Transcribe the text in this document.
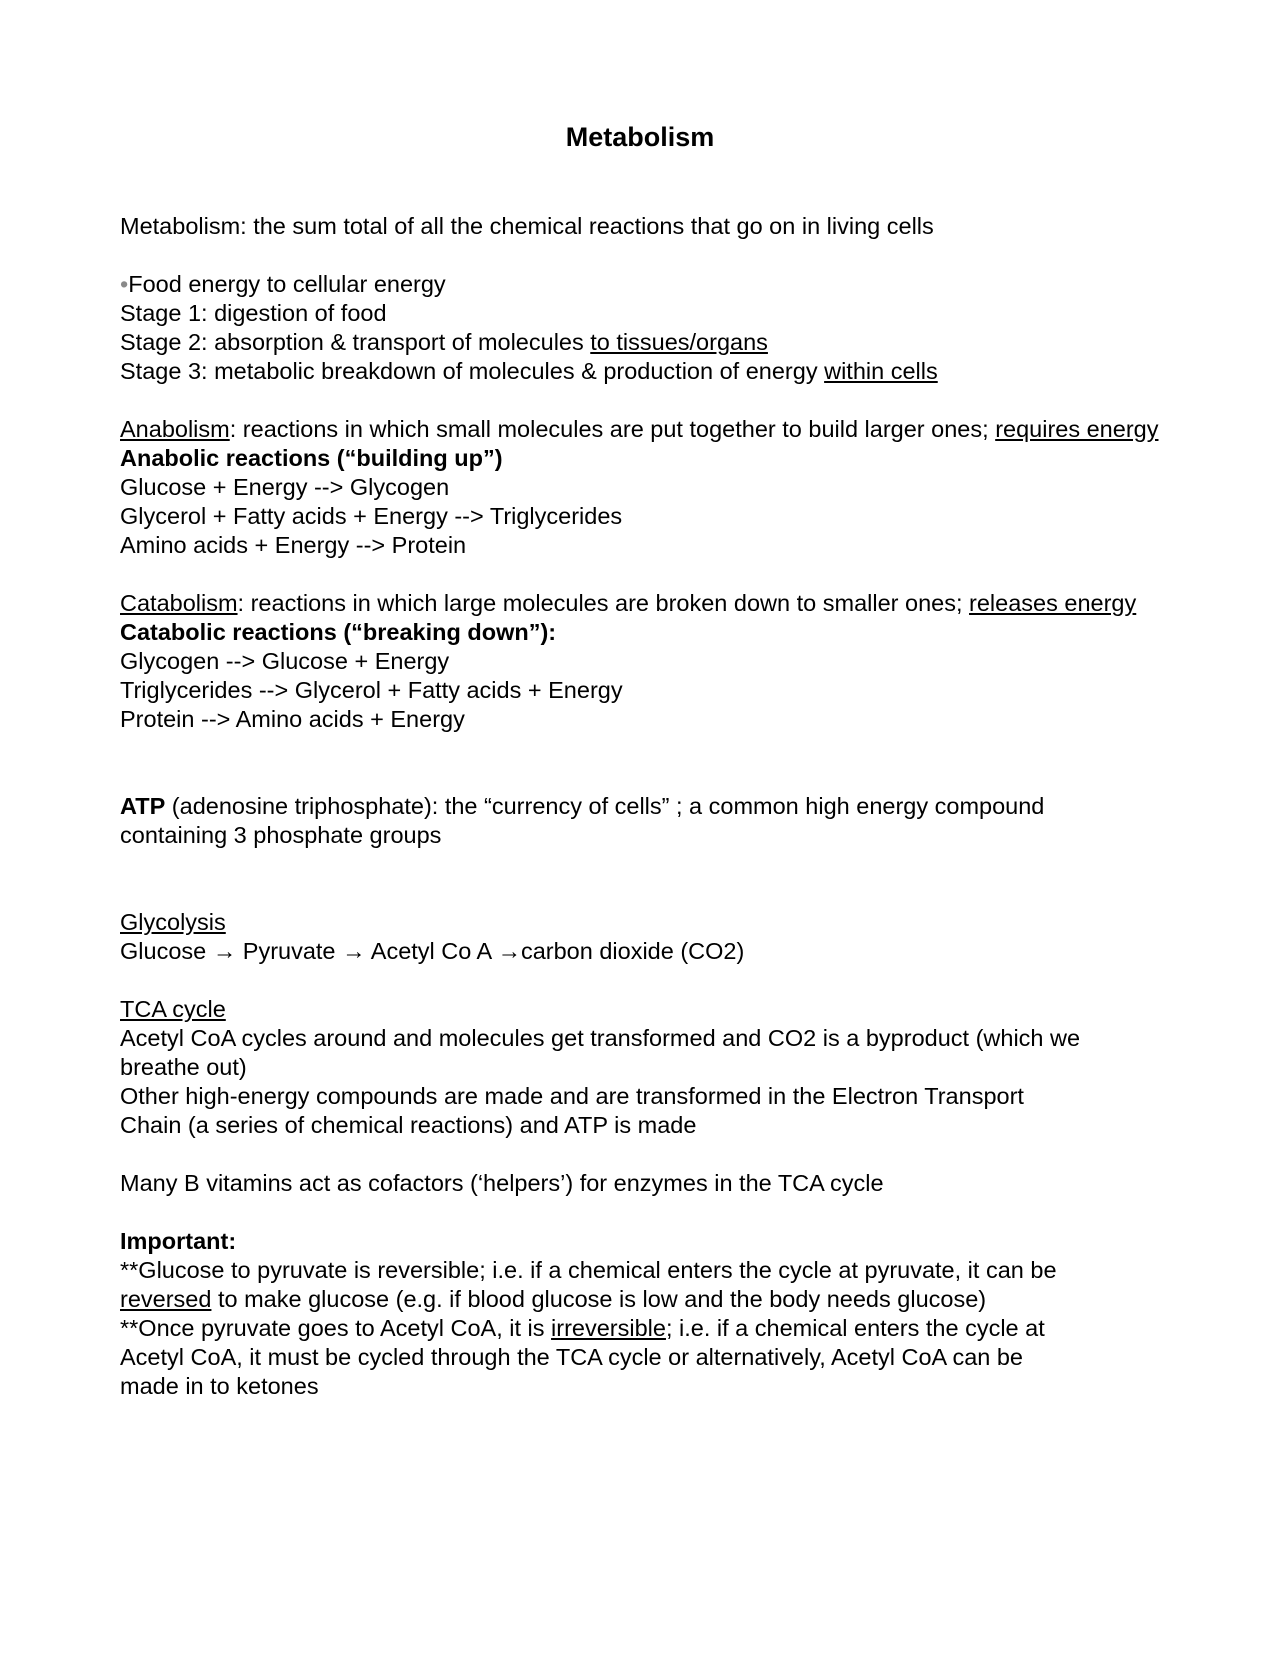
Metabolism

Metabolism: the sum total of all the chemical reactions that go on in living cells

•Food energy to cellular energy

Stage 1: digestion of food

Stage 2: absorption & transport of molecules to tissues/organs

Stage 3: metabolic breakdown of molecules & production of energy within cells

Anabolism: reactions in which small molecules are put together to build larger ones; requires energy

Anabolic reactions (“building up”)

Glucose + Energy --> Glycogen

Glycerol + Fatty acids + Energy --> Triglycerides

Amino acids + Energy --> Protein

Catabolism: reactions in which large molecules are broken down to smaller ones; releases energy

Catabolic reactions (“breaking down”):

Glycogen --> Glucose + Energy

Triglycerides --> Glycerol + Fatty acids + Energy

Protein --> Amino acids + Energy

ATP (adenosine triphosphate): the “currency of cells” ; a common high energy compound

containing 3 phosphate groups

Glycolysis

Glucose → Pyruvate → Acetyl Co A →carbon dioxide (CO2)

TCA cycle

Acetyl CoA cycles around and molecules get transformed and CO2 is a byproduct (which we

breathe out)

Other high-energy compounds are made and are transformed in the Electron Transport

Chain (a series of chemical reactions) and ATP is made

Many B vitamins act as cofactors (‘helpers’) for enzymes in the TCA cycle

Important:

**Glucose to pyruvate is reversible; i.e. if a chemical enters the cycle at pyruvate, it can be

reversed to make glucose (e.g. if blood glucose is low and the body needs glucose)

**Once pyruvate goes to Acetyl CoA, it is irreversible; i.e. if a chemical enters the cycle at

Acetyl CoA, it must be cycled through the TCA cycle or alternatively, Acetyl CoA can be

made in to ketones
